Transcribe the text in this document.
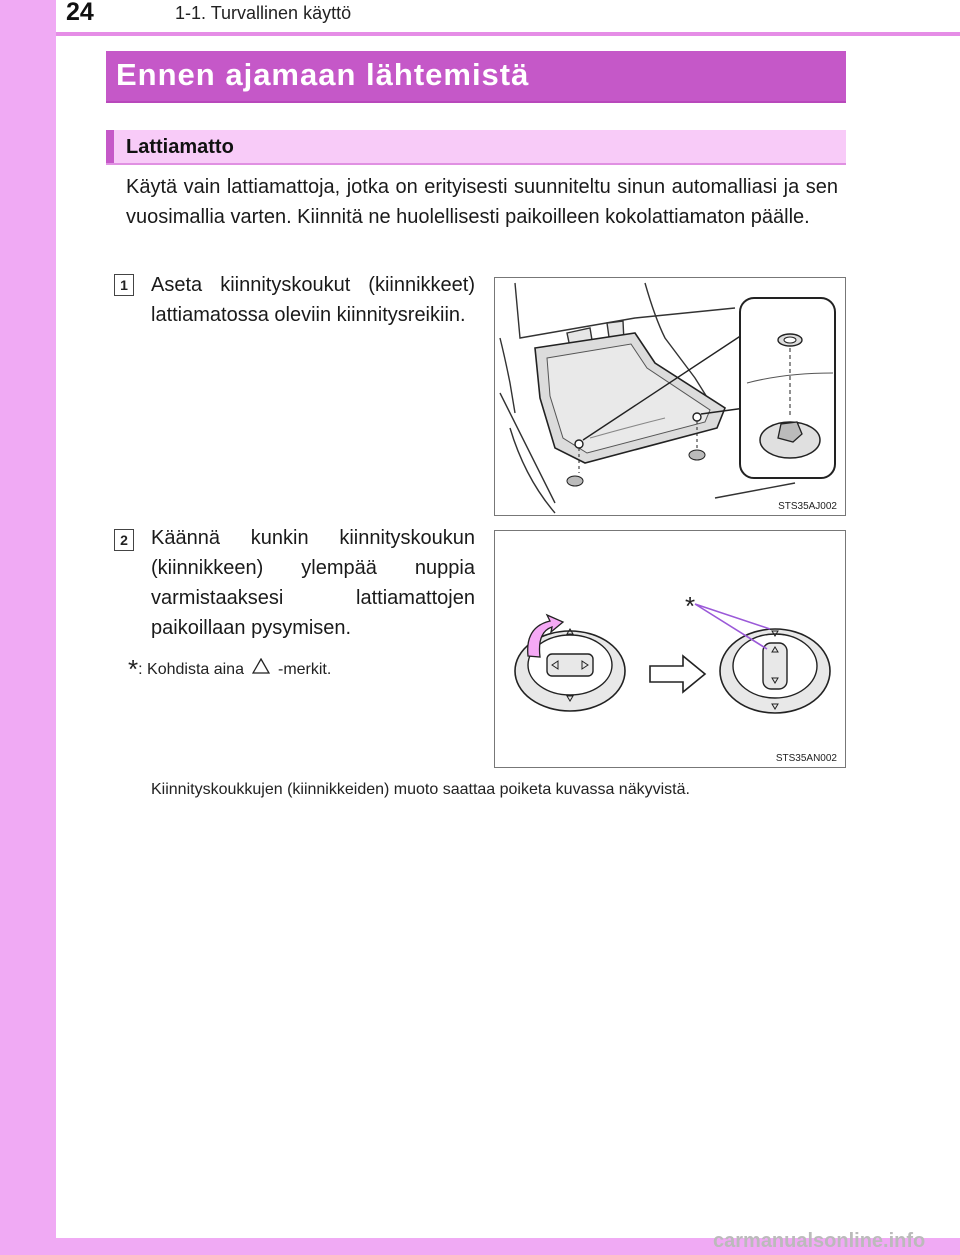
24	1-1. Turvallinen käyttö
Ennen ajamaan lähtemistä
Lattiamatto
Käytä vain lattiamattoja, jotka on erityisesti suunniteltu sinun automalliasi ja sen vuosimallia varten. Kiinnitä ne huolellisesti paikoilleen kokolattiamaton päälle.
1	Aseta kiinnityskoukut (kiinnikkeet) lattiamatossa oleviin kiinnitysreikiin.
STS35AJ002
2	Käännä kunkin kiinnityskoukun (kiinnikkeen) ylempää nuppia varmistaaksesi lattiamattojen paikoillaan pysymisen.
*
STS35AN002
*: Kohdista aina -merkit.
Kiinnityskoukkujen (kiinnikkeiden) muoto saattaa poiketa kuvassa näkyvistä.
carmanualsonline.info
